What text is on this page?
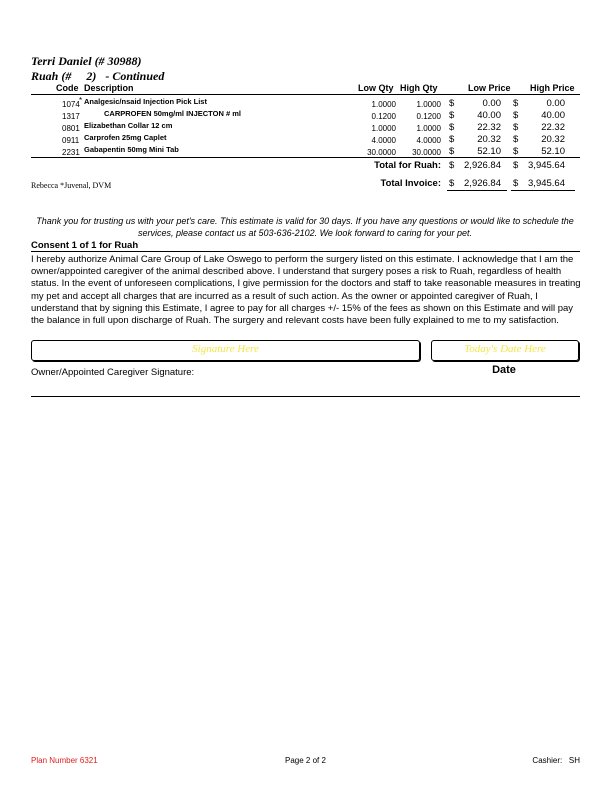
Terri Daniel (# 30988)
Ruah (#     2)   - Continued
Code Description	Low Qty High Qty	Low Price High Price
1074 * Analgesic/nsaid Injection Pick List	1.0000	1.0000 $	0.00 $	0.00
1317	CARPROFEN 50mg/ml INJECTON # ml	0.1200	0.1200 $	40.00 $	40.00
0801 Elizabethan Collar 12 cm	1.0000	1.0000 $	22.32 $	22.32
0911 Carprofen 25mg Caplet	4.0000	4.0000 $	20.32 $	20.32
2231 Gabapentin 50mg Mini Tab	30.0000	30.0000 $	52.10 $	52.10
Total for Ruah: $	2,926.84 $	3,945.64
Rebecca *Juvenal, DVM	Total Invoice: $	2,926.84 $	3,945.64
Thank you for trusting us with your pet's care. This estimate is valid for 30 days. If you have any questions or would like to schedule the services, please contact us at 503-636-2102. We look forward to caring for your pet.
Consent 1 of 1 for Ruah
I hereby authorize Animal Care Group of Lake Oswego to perform the surgery listed on this estimate. I acknowledge that I am the owner/appointed caregiver of the animal described above. I understand that surgery poses a risk to Ruah, regardless of health status. In the event of unforeseen complications, I give permission for the doctors and staff to take reasonable measures in treating my pet and accept all charges that are incurred as a result of such action. As the owner or appointed caregiver of Ruah, I understand that by signing this Estimate, I agree to pay for all charges +/- 15% of the fees as shown on this Estimate and will pay the balance in full upon discharge of Ruah. The surgery and relevant costs have been fully explained to me to my satisfaction.
Signature Here	Today's Date Here
Owner/Appointed Caregiver Signature:	Date
Plan Number 6321	Page 2 of 2	Cashier:   SH
